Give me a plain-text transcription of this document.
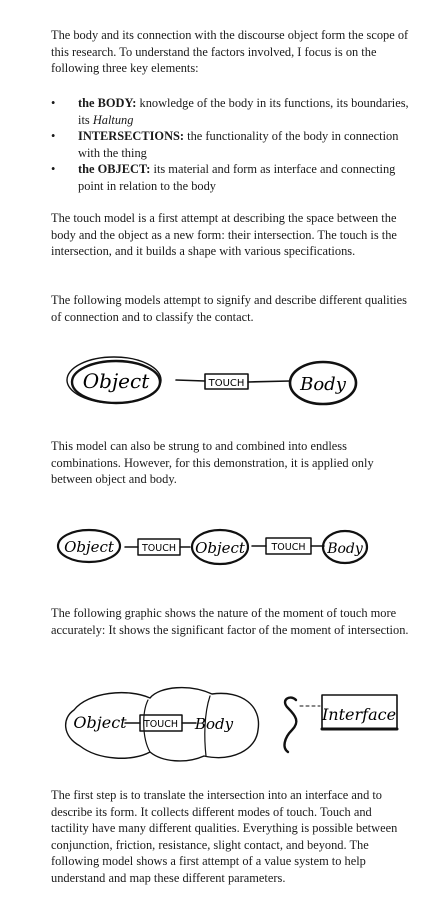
The body and its connection with the discourse object form the scope of this research. To understand the factors involved, I focus is on the following three key elements:

• the BODY: knowledge of the body in its functions, its boundaries, its Haltung
• INTERSECTIONS: the functionality of the body in connection with the thing
• the OBJECT: its material and form as interface and connecting point in relation to the body

The touch model is a first attempt at describing the space between the body and the object as a new form: their intersection. The touch is the intersection, and it builds a shape with various specifications.

The following models attempt to signify and describe different qualities of connection and to classify the contact.

Object	TOUCH	Body

This model can also be strung to and combined into endless combinations. However, for this demonstration, it is applied only between object and body.

Object	TOUCH Object	TOUCH Body

The following graphic shows the nature of the moment of touch more accurately: It shows the significant factor of the moment of intersection.

Object TOUCH Body	Interface

The first step is to translate the intersection into an interface and to describe its form. It collects different modes of touch. Touch and tactility have many different qualities. Everything is possible between conjunction, friction, resistance, slight contact, and beyond. The following model shows a first attempt of a value system to help understand and map these different parameters.
